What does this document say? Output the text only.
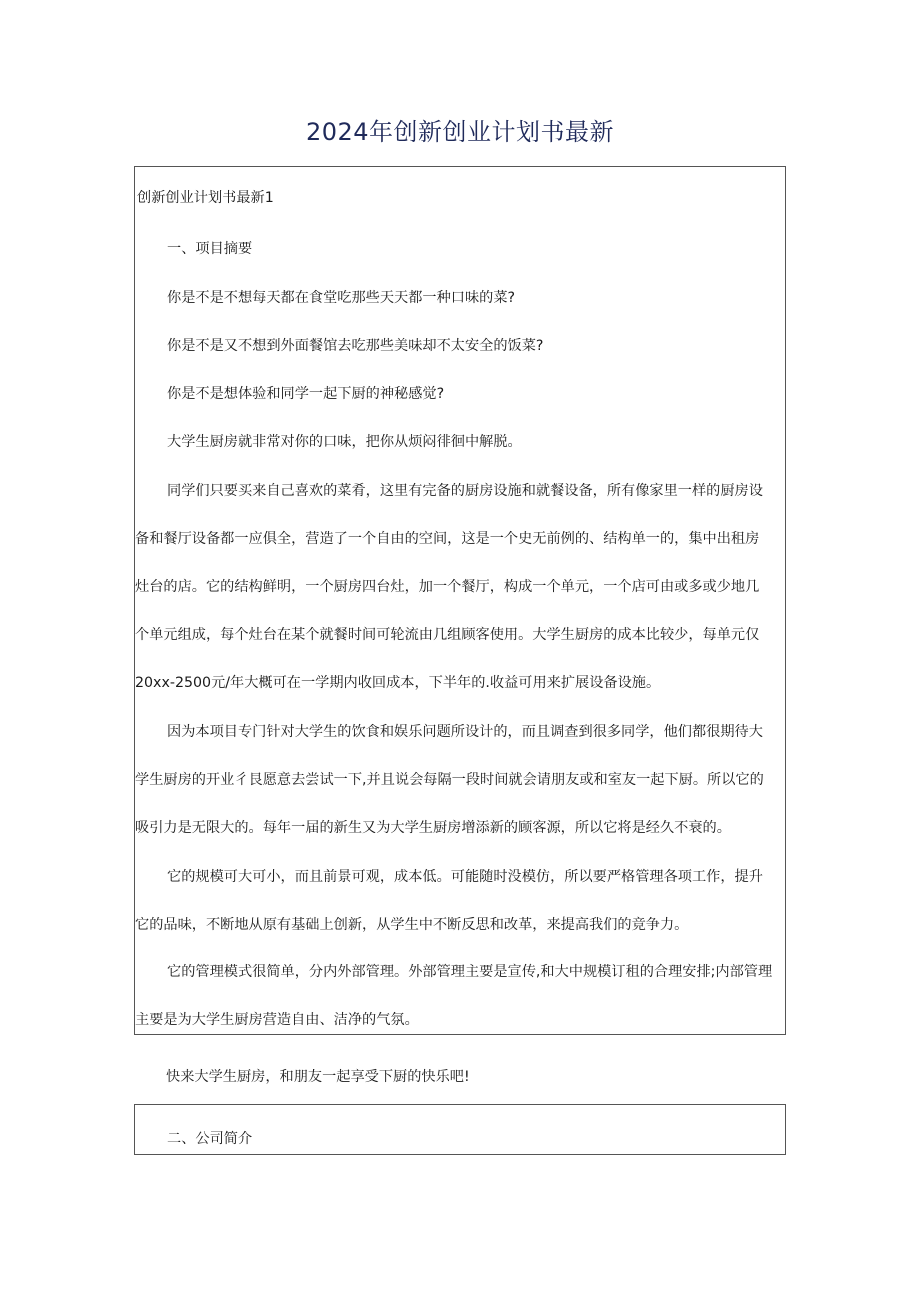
2024年创新创业计划书最新

创新创业计划书最新1

一、项目摘要

你是不是不想每天都在食堂吃那些天天都一种口味的菜?

你是不是又不想到外面餐馆去吃那些美味却不太安全的饭菜?

你是不是想体验和同学一起下厨的神秘感觉?

大学生厨房就非常对你的口味，把你从烦闷徘徊中解脱。

同学们只要买来自己喜欢的菜肴，这里有完备的厨房设施和就餐设备，所有像家里一样的厨房设
备和餐厅设备都一应俱全，营造了一个自由的空间，这是一个史无前例的、结构单一的，集中出租房
灶台的店。它的结构鲜明，一个厨房四台灶，加一个餐厅，构成一个单元，一个店可由或多或少地几
个单元组成，每个灶台在某个就餐时间可轮流由几组顾客使用。大学生厨房的成本比较少，每单元仅
20xx-2500元/年大概可在一学期内收回成本，下半年的.收益可用来扩展设备设施。
因为本项目专门针对大学生的饮食和娱乐问题所设计的，而且调查到很多同学，他们都很期待大
学生厨房的开业彳艮愿意去尝试一下,并且说会每隔一段时间就会请朋友或和室友一起下厨。所以它的
吸引力是无限大的。每年一届的新生又为大学生厨房增添新的顾客源，所以它将是经久不衰的。
它的规模可大可小，而且前景可观，成本低。可能随时没模仿，所以要严格管理各项工作，提升
它的品味，不断地从原有基础上创新，从学生中不断反思和改革，来提高我们的竞争力。
它的管理模式很简单，分内外部管理。外部管理主要是宣传,和大中规模订租的合理安排;内部管理
主要是为大学生厨房营造自由、洁净的气氛。
快来大学生厨房，和朋友一起享受下厨的快乐吧!

二、公司简介
